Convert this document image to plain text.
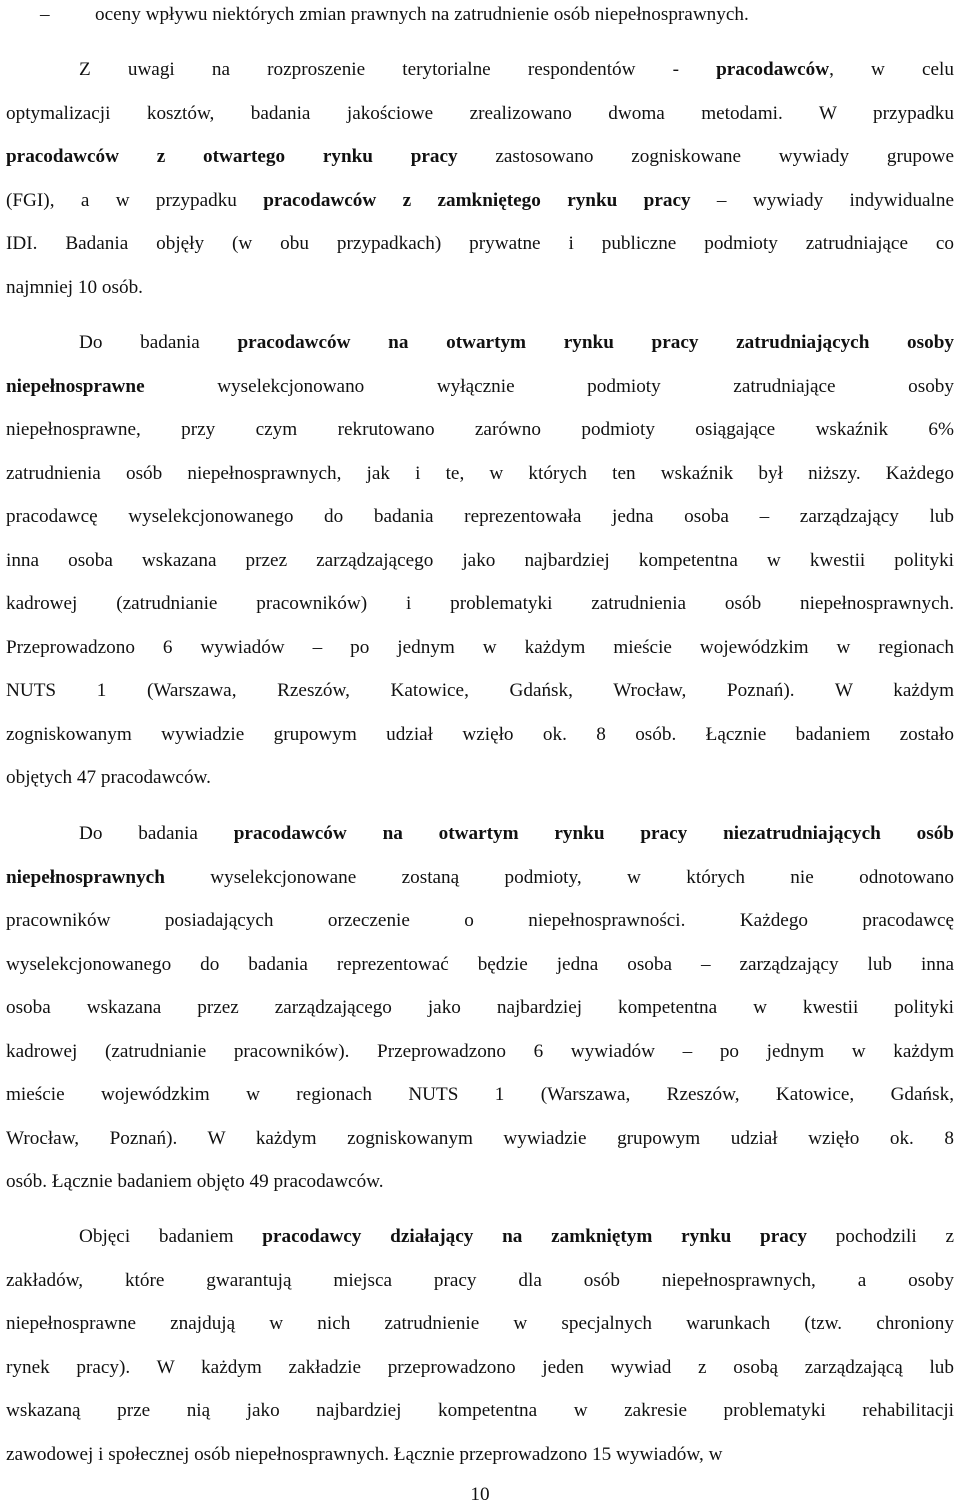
–	oceny wpływu niektórych zmian prawnych na zatrudnienie osób niepełnosprawnych.
Z uwagi na rozproszenie terytorialne respondentów - pracodawców, w celu
optymalizacji kosztów, badania jakościowe zrealizowano dwoma metodami. W przypadku
pracodawców z otwartego rynku pracy zastosowano zogniskowane wywiady grupowe
(FGI), a w przypadku pracodawców z zamkniętego rynku pracy – wywiady indywidualne
IDI. Badania objęły (w obu przypadkach) prywatne i publiczne podmioty zatrudniające co
najmniej 10 osób.
Do badania pracodawców na otwartym rynku pracy zatrudniających osoby
niepełnosprawne wyselekcjonowano wyłącznie podmioty zatrudniające osoby
niepełnosprawne, przy czym rekrutowano zarówno podmioty osiągające wskaźnik 6%
zatrudnienia osób niepełnosprawnych, jak i te, w których ten wskaźnik był niższy. Każdego
pracodawcę wyselekcjonowanego do badania reprezentowała jedna osoba – zarządzający lub
inna osoba wskazana przez zarządzającego jako najbardziej kompetentna w kwestii polityki
kadrowej (zatrudnianie pracowników) i problematyki zatrudnienia osób niepełnosprawnych.
Przeprowadzono 6 wywiadów – po jednym w każdym mieście wojewódzkim w regionach
NUTS 1 (Warszawa, Rzeszów, Katowice, Gdańsk, Wrocław, Poznań). W każdym
zogniskowanym wywiadzie grupowym udział wzięło ok. 8 osób. Łącznie badaniem zostało
objętych 47 pracodawców.
Do badania pracodawców na otwartym rynku pracy niezatrudniających osób
niepełnosprawnych wyselekcjonowane zostaną podmioty, w których nie odnotowano
pracowników posiadających orzeczenie o niepełnosprawności. Każdego pracodawcę
wyselekcjonowanego do badania reprezentować będzie jedna osoba – zarządzający lub inna
osoba wskazana przez zarządzającego jako najbardziej kompetentna w kwestii polityki
kadrowej (zatrudnianie pracowników). Przeprowadzono 6 wywiadów – po jednym w każdym
mieście wojewódzkim w regionach NUTS 1 (Warszawa, Rzeszów, Katowice, Gdańsk,
Wrocław, Poznań). W każdym zogniskowanym wywiadzie grupowym udział wzięło ok. 8
osób. Łącznie badaniem objęto 49 pracodawców.
Objęci badaniem pracodawcy działający na zamkniętym rynku pracy pochodzili z
zakładów, które gwarantują miejsca pracy dla osób niepełnosprawnych, a osoby
niepełnosprawne znajdują w nich zatrudnienie w specjalnych warunkach (tzw. chroniony
rynek pracy). W każdym zakładzie przeprowadzono jeden wywiad z osobą zarządzającą lub
wskazaną prze nią jako najbardziej kompetentna w zakresie problematyki rehabilitacji
zawodowej i społecznej osób niepełnosprawnych. Łącznie przeprowadzono 15 wywiadów, w
10
